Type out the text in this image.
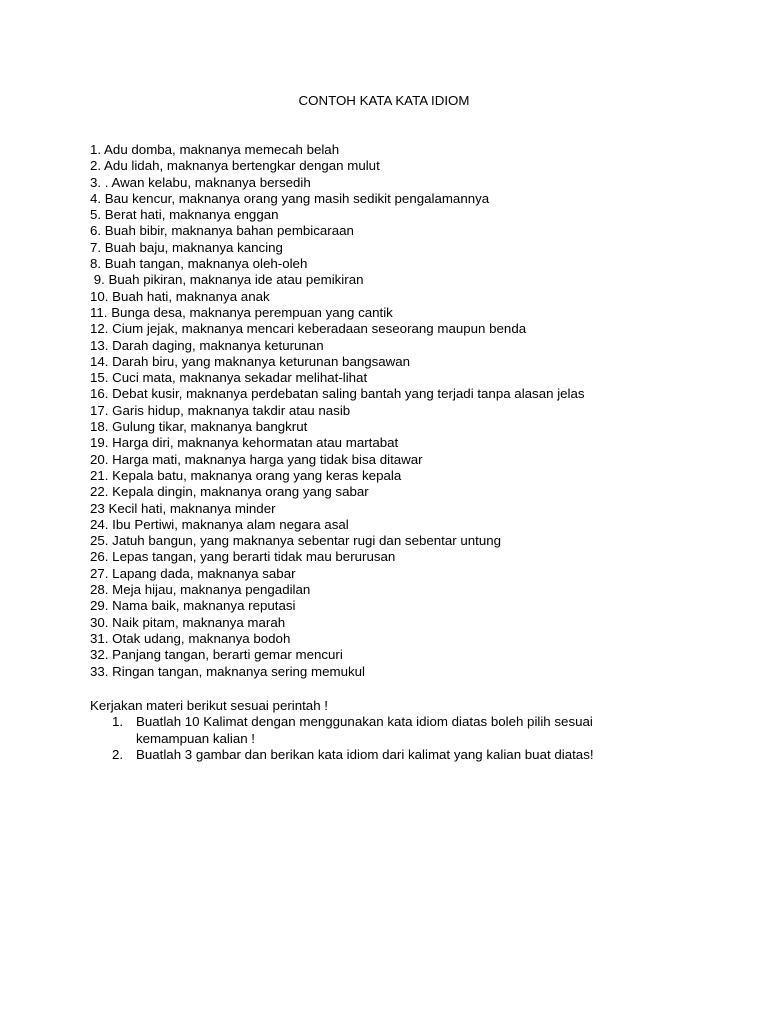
CONTOH KATA KATA IDIOM
1. Adu domba, maknanya memecah belah
2. Adu lidah, maknanya bertengkar dengan mulut
3. . Awan kelabu, maknanya bersedih
4. Bau kencur, maknanya orang yang masih sedikit pengalamannya
5. Berat hati, maknanya enggan
6. Buah bibir, maknanya bahan pembicaraan
7. Buah baju, maknanya kancing
8. Buah tangan, maknanya oleh-oleh
9. Buah pikiran, maknanya ide atau pemikiran
10. Buah hati, maknanya anak
11. Bunga desa, maknanya perempuan yang cantik
12. Cium jejak, maknanya mencari keberadaan seseorang maupun benda
13. Darah daging, maknanya keturunan
14. Darah biru, yang maknanya keturunan bangsawan
15. Cuci mata, maknanya sekadar melihat-lihat
16. Debat kusir, maknanya perdebatan saling bantah yang terjadi tanpa alasan jelas
17. Garis hidup, maknanya takdir atau nasib
18. Gulung tikar, maknanya bangkrut
19. Harga diri, maknanya kehormatan atau martabat
20. Harga mati, maknanya harga yang tidak bisa ditawar
21. Kepala batu, maknanya orang yang keras kepala
22. Kepala dingin, maknanya orang yang sabar
23 Kecil hati, maknanya minder
24. Ibu Pertiwi, maknanya alam negara asal
25. Jatuh bangun, yang maknanya sebentar rugi dan sebentar untung
26. Lepas tangan, yang berarti tidak mau berurusan
27. Lapang dada, maknanya sabar
28. Meja hijau, maknanya pengadilan
29. Nama baik, maknanya reputasi
30. Naik pitam, maknanya marah
31. Otak udang, maknanya bodoh
32. Panjang tangan, berarti gemar mencuri
33. Ringan tangan, maknanya sering memukul
Kerjakan materi berikut sesuai perintah !
1. Buatlah 10 Kalimat dengan menggunakan kata idiom diatas boleh pilih sesuai kemampuan kalian !
2. Buatlah 3 gambar dan berikan kata idiom dari kalimat yang kalian buat diatas!
